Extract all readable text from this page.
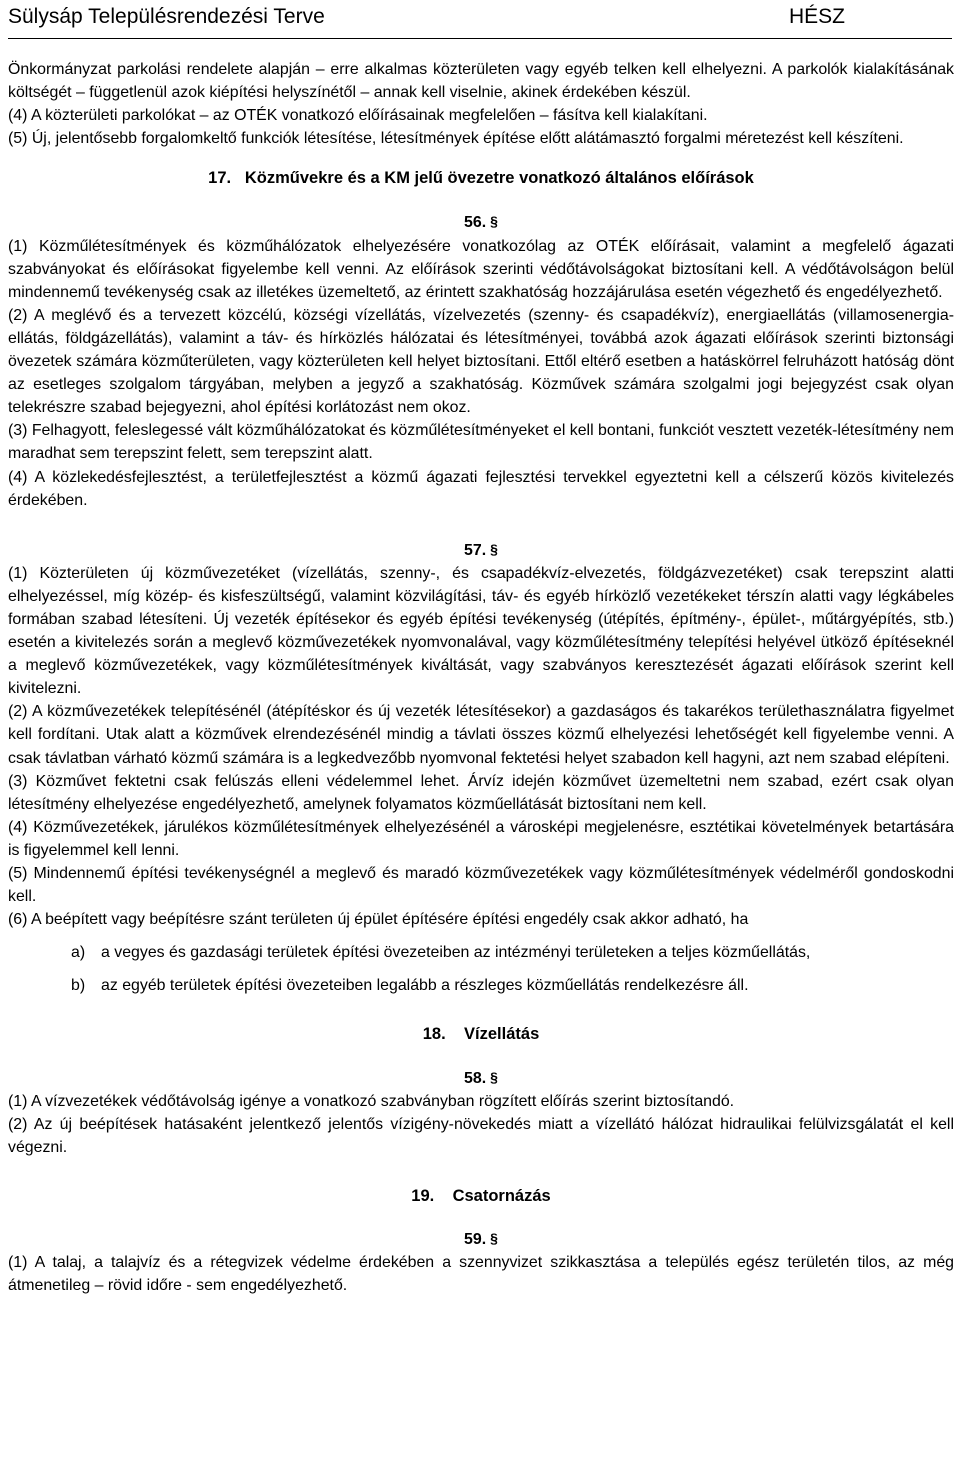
Sülysáp Településrendezési Terve	HÉSZ

Önkormányzat parkolási rendelete alapján – erre alkalmas közterületen vagy egyéb telken kell elhelyezni. A parkolók kialakításának költségét – függetlenül azok kiépítési helyszínétől – annak kell viselnie, akinek érdekében készül.

(4) A közterületi parkolókat – az OTÉK vonatkozó előírásainak megfelelően – fásítva kell kialakítani.

(5) Új, jelentősebb forgalomkeltő funkciók létesítése, létesítmények építése előtt alátámasztó forgalmi méretezést kell készíteni.

17. Közművekre és a KM jelű övezetre vonatkozó általános előírások

56. §

(1) Közműlétesítmények és közműhálózatok elhelyezésére vonatkozólag az OTÉK előírásait, valamint a megfelelő ágazati szabványokat és előírásokat figyelembe kell venni. Az előírások szerinti védőtávolságokat biztosítani kell. A védőtávolságon belül mindennemű tevékenység csak az illetékes üzemeltető, az érintett szakhatóság hozzájárulása esetén végezhető és engedélyezhető.

(2) A meglévő és a tervezett közcélú, községi vízellátás, vízelvezetés (szenny- és csapadékvíz), energiaellátás (villamosenergia-ellátás, földgázellátás), valamint a táv- és hírközlés hálózatai és létesítményei, továbbá azok ágazati előírások szerinti biztonsági övezetek számára közműterületen, vagy közterületen kell helyet biztosítani. Ettől eltérő esetben a hatáskörrel felruházott hatóság dönt az esetleges szolgalom tárgyában, melyben a jegyző a szakhatóság. Közművek számára szolgalmi jogi bejegyzést csak olyan telekrészre szabad bejegyezni, ahol építési korlátozást nem okoz.

(3) Felhagyott, feleslegessé vált közműhálózatokat és közműlétesítményeket el kell bontani, funkciót vesztett vezeték-létesítmény nem maradhat sem terepszint felett, sem terepszint alatt.

(4) A közlekedésfejlesztést, a területfejlesztést a közmű ágazati fejlesztési tervekkel egyeztetni kell a célszerű közös kivitelezés érdekében.

57. §

(1) Közterületen új közművezetéket (vízellátás, szenny-, és csapadékvíz-elvezetés, földgázvezetéket) csak terepszint alatti elhelyezéssel, míg közép- és kisfeszültségű, valamint közvilágítási, táv- és egyéb hírközlő vezetékeket térszín alatti vagy légkábeles formában szabad létesíteni. Új vezeték építésekor és egyéb építési tevékenység (útépítés, építmény-, épület-, műtárgyépítés, stb.) esetén a kivitelezés során a meglevő közművezetékek nyomvonalával, vagy közműlétesítmény telepítési helyével ütköző építéseknél a meglevő közművezetékek, vagy közműlétesítmények kiváltását, vagy szabványos keresztezését ágazati előírások szerint kell kivitelezni.

(2) A közművezetékek telepítésénél (átépítéskor és új vezeték létesítésekor) a gazdaságos és takarékos területhasználatra figyelmet kell fordítani. Utak alatt a közművek elrendezésénél mindig a távlati összes közmű elhelyezési lehetőségét kell figyelembe venni. A csak távlatban várható közmű számára is a legkedvezőbb nyomvonal fektetési helyet szabadon kell hagyni, azt nem szabad elépíteni.

(3) Közművet fektetni csak felúszás elleni védelemmel lehet. Árvíz idején közművet üzemeltetni nem szabad, ezért csak olyan létesítmény elhelyezése engedélyezhető, amelynek folyamatos közműellátását biztosítani nem kell.

(4) Közművezetékek, járulékos közműlétesítmények elhelyezésénél a városképi megjelenésre, esztétikai követelmények betartására is figyelemmel kell lenni.

(5) Mindennemű építési tevékenységnél a meglevő és maradó közművezetékek vagy közműlétesítmények védelméről gondoskodni kell.

(6) A beépített vagy beépítésre szánt területen új épület építésére építési engedély csak akkor adható, ha

a) a vegyes és gazdasági területek építési övezeteiben az intézményi területeken a teljes közműellátás,
b) az egyéb területek építési övezeteiben legalább a részleges közműellátás rendelkezésre áll.

18. Vízellátás

58. §

(1) A vízvezetékek védőtávolság igénye a vonatkozó szabványban rögzített előírás szerint biztosítandó.

(2) Az új beépítések hatásaként jelentkező jelentős vízigény-növekedés miatt a vízellátó hálózat hidraulikai felülvizsgálatát el kell végezni.

19. Csatornázás

59. §

(1) A talaj, a talajvíz és a rétegvizek védelme érdekében a szennyvizet szikkasztása a település egész területén tilos, az még átmenetileg – rövid időre - sem engedélyezhető.
